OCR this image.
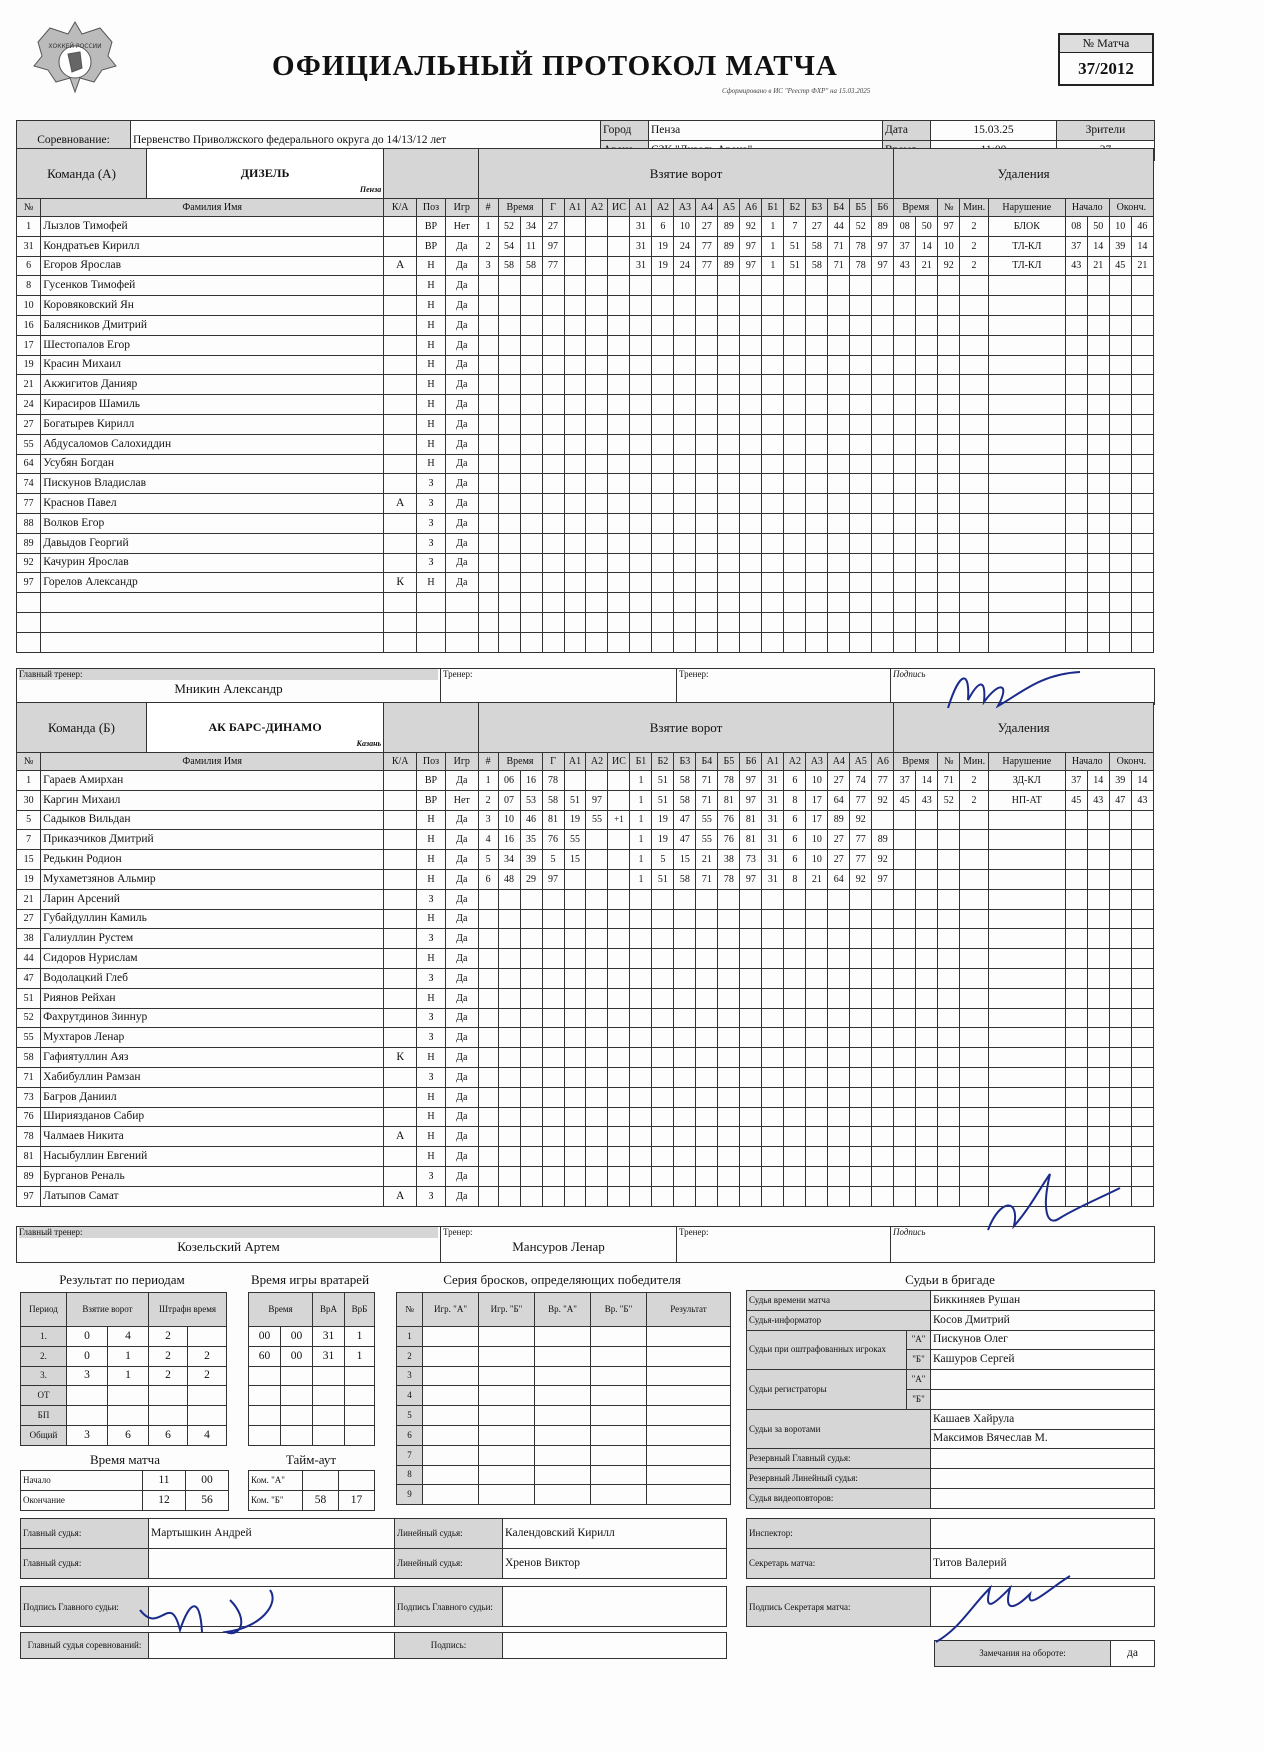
ХОККЕЙ РОССИИ
ОФИЦИАЛЬНЫЙ ПРОТОКОЛ МАТЧА
Сформировано в ИС "Реестр ФХР" на 15.03.2025
№ Матча
37/2012
Соревнование:	Первенство Приволжского федерального округа до 14/13/12 лет	Город	Пенза	Дата	15.03.25	Зрители

Команда (А) ДИЗЕЛЬ
Пенза					Взятие ворот																			Удаления								
№	Фамилия Имя	К/А	Поз	Игр	#	Время		Г	А1	А2	ИС	А1	А2	А3	А4	А5	А6	Б1	Б2	Б3	Б4	Б5	Б6	Время		№	Мин.	Нарушение	Начало		Оконч.	
1	Лызлов Тимофей		ВР	Нет	1	52	34	27				31	6	10	27	89	92	1	7	27	44	52	89	08	50	97	2	БЛОК	08	50	10	46
31	Кондратьев Кирилл		ВР	Да	2	54	11	97				31	19	24	77	89	97	1	51	58	71	78	97	37	14	10	2	ТЛ-КЛ	37	14	39	14
6	Егоров Ярослав	А	Н	Да	3	58	58	77				31	19	24	77	89	97	1	51	58	71	78	97	43	21	92	2	ТЛ-КЛ	43	21	45	21
8	Гусенков Тимофей		Н	Да																												
10	Коровяковский Ян		Н	Да																												
16	Балясников Дмитрий		Н	Да																												
17	Шестопалов Егор		Н	Да																												
19	Красин Михаил		Н	Да																												
21	Акжигитов Данияр		Н	Да																												
24	Кирасиров Шамиль		Н	Да																												
27	Богатырев Кирилл		Н	Да																												
55	Абдусаломов Салохиддин		Н	Да																												
64	Усубян Богдан		Н	Да																												
74	Пискунов Владислав		З	Да																												
77	Краснов Павел	А	З	Да																												
88	Волков Егор		З	Да																												
89	Давыдов Георгий		З	Да																												
92	Качурин Ярослав		З	Да																												
97	Горелов Александр	К	Н	Да																												

Главный тренер:
Мникин Александр

Тренер:	Тренер:	Подпись
Команда (Б) АК БАРС-ДИНАМО
Казань					Взятие ворот																			Удаления								
№	Фамилия Имя	К/А	Поз	Игр	#	Время		Г	А1	А2	ИС	Б1	Б2	Б3	Б4	Б5	Б6	А1	А2	А3	А4	А5	А6	Время		№	Мин.	Нарушение	Начало		Оконч.	
1	Гараев Амирхан		ВР	Да	1	06	16	78				1	51	58	71	78	97	31	6	10	27	74	77	37	14	71	2	ЗД-КЛ	37	14	39	14
30	Каргин Михаил		ВР	Нет	2	07	53	58	51	97		1	51	58	71	81	97	31	8	17	64	77	92	45	43	52	2	НП-АТ	45	43	47	43
5	Садыков Вильдан		Н	Да	3	10	46	81	19	55	+1	1	19	47	55	76	81	31	6	17	89	92										
7	Приказчиков Дмитрий		Н	Да	4	16	35	76	55			1	19	47	55	76	81	31	6	10	27	77	89									
15	Редькин Родион		Н	Да	5	34	39	5	15			1	5	15	21	38	73	31	6	10	27	77	92									
19	Мухаметзянов Альмир		Н	Да	6	48	29	97				1	51	58	71	78	97	31	8	21	64	92	97									
21	Ларин Арсений		З	Да																												
27	Губайдуллин Камиль		Н	Да																												
38	Галиуллин Рустем		З	Да																												
44	Сидоров Нурислам		Н	Да																												
47	Водолацкий Глеб		З	Да																												
51	Риянов Рейхан		Н	Да																												
52	Фахрутдинов Зиннур		З	Да																												
55	Мухтаров Ленар		З	Да																												
58	Гафиятуллин Аяз	К	Н	Да																												
71	Хабибуллин Рамзан		З	Да																												
73	Багров Даниил		Н	Да																												
76	Шириязданов Сабир		Н	Да																												
78	Чалмаев Никита	А	Н	Да																												
81	Насыбуллин Евгений		Н	Да																												
89	Бурганов Реналь		З	Да																												
97	Латыпов Самат	А	З	Да																												
Главный тренер:
Козельский Артем

Тренер:
Мансуров Ленар

Тренер:	Подпись
Результат по периодам
Период	Взятие ворот		Штрафн время	
1.	0	4	2	
2.	0	1	2	2
3.	3	1	2	2
ОТ				
БП				
Общий	3	6	6	4
Время матча
Начало	11	00
Окончание	12	56
Время игры вратарей
Время		ВрА	ВрБ
00	00	31	1
60	00	31	1

Тайм-аут
Ком. "А"		
Ком. "Б"	58	17
Серия бросков, определяющих победителя
№	Игр. "А"	Игр. "Б"	Вр. "А"	Вр. "Б"	Результат
1					
2					
3					
4					
5					
6					
7					
8					
9					
Судьи в бригаде
Судья времени матча		Биккиняев Рушан
Судья-информатор		Косов Дмитрий
Судьи при оштрафованных игроках	"А"	Пискунов Олег
	"Б"	Кашуров Сергей
Судьи регистраторы	"А"	
	"Б"	
Судьи за воротами		Кашаев Хайрула
		Максимов Вячеслав М.
Резервный Главный судья:		
Резервный Линейный судья:		
Судья видеоповторов:		
Главный судья:	Мартышкин Андрей	Линейный судья:	Календовский Кирилл
Главный судья:		Линейный судья:	Хренов Виктор

Подпись Главного судьи:		Подпись Главного судьи:	

Главный судья соревнований:		Подпись:	
Инспектор:	
Секретарь матча:	Титов Валерий

Подпись Секретаря матча:	
Замечания на обороте:	да
